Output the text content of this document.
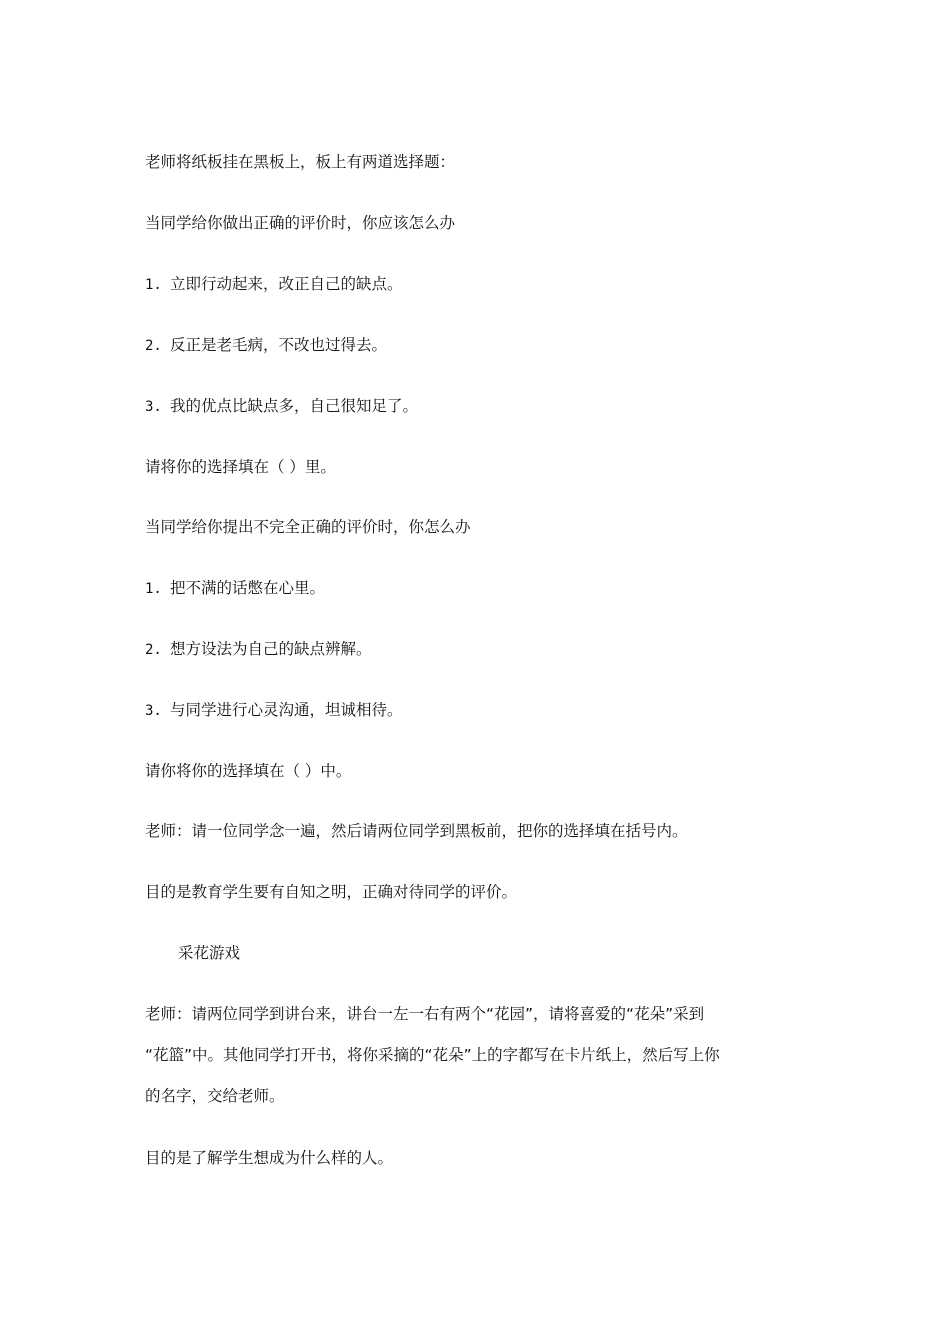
老师将纸板挂在黑板上，板上有两道选择题：
当同学给你做出正确的评价时，你应该怎么办
1. 立即行动起来，改正自己的缺点。
2. 反正是老毛病，不改也过得去。
3. 我的优点比缺点多，自己很知足了。
请将你的选择填在（ ）里。
当同学给你提出不完全正确的评价时，你怎么办
1. 把不满的话憋在心里。
2. 想方设法为自己的缺点辨解。
3. 与同学进行心灵沟通，坦诚相待。
请你将你的选择填在（ ）中。
老师：请一位同学念一遍，然后请两位同学到黑板前，把你的选择填在括号内。
目的是教育学生要有自知之明，正确对待同学的评价。
采花游戏
老师：请两位同学到讲台来，讲台一左一右有两个“花园”，请将喜爱的“花朵”采到
“花篮”中。其他同学打开书，将你采摘的“花朵”上的字都写在卡片纸上，然后写上你
的名字，交给老师。
目的是了解学生想成为什么样的人。
